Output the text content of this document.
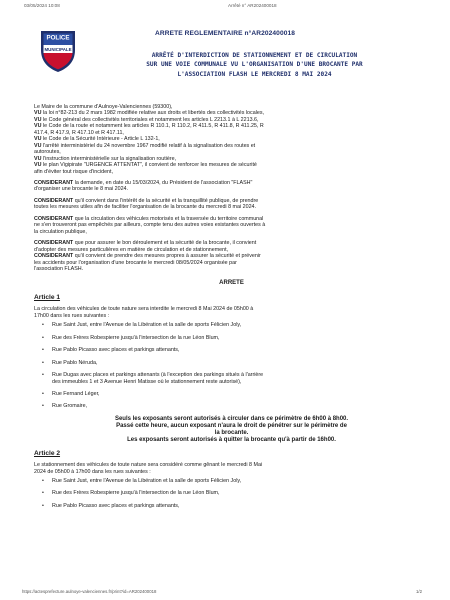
03/05/2024 10:08	Arrêté n° AR202400018
POLICE
MUNICIPALE
ARRETE REGLEMENTAIRE n°AR202400018
ARRÊTÉ D'INTERDICTION DE STATIONNEMENT ET DE CIRCULATION
SUR UNE VOIE COMMUNALE VU L'ORGANISATION D'UNE BROCANTE PAR
L'ASSOCIATION FLASH LE MERCREDI 8 MAI 2024

Le Maire de la commune d'Aulnoye-Valenciennes (59300),

VU la loi n°82-213 du 2 mars 1982 modifiée relative aux droits et libertés des collectivités locales,
VU le Code général des collectivités territoriales et notamment les articles L 2213.1 à L 2213.6,
VU le Code de la route et notamment les articles R 110.1, R 110.2, R 411.5, R 411.8, R 411.25, R
417.4, R 417.9, R 417.10 et R 417.11,
VU le Code de la Sécurité Intérieure - Article L 132-1,
VU l'arrêté interministériel du 24 novembre 1967 modifié relatif à la signalisation des routes et
autoroutes,
VU l'instruction interministérielle sur la signalisation routière,
VU le plan Vigipirate "URGENCE ATTENTAT", il convient de renforcer les mesures de sécurité
afin d'éviter tout risque d'incident,
CONSIDERANT la demande, en date du 15/03/2024, du Président de l'association "FLASH"
d'organiser une brocante le 8 mai 2024.
CONSIDERANT qu'il convient dans l'intérêt de la sécurité et la tranquillité publique, de prendre
toutes les mesures utiles afin de faciliter l'organisation de la brocante du mercredi 8 mai 2024.
CONSIDERANT que la circulation des véhicules motorisés et la traversée du territoire communal
ne s'en trouveront pas empêchés par ailleurs, compte tenu des autres voies existantes ouvertes à
la circulation publique,
CONSIDERANT que pour assurer le bon déroulement et la sécurité de la brocante, il convient
d'adopter des mesures particulières en matière de circulation et de stationnement,
CONSIDERANT qu'il convient de prendre des mesures propres à assurer la sécurité et prévenir
les accidents pour l'organisation d'une brocante le mercredi 08/05/2024 organisée par
l'association FLASH.
ARRETE
Article 1
La circulation des véhicules de toute nature sera interdite le mercredi 8 Mai 2024 de 05h00 à
17h00 dans les rues suivantes :
• Rue Saint Just, entre l'Avenue de la Libération et la salle de sports Félicien Joly,
• Rue des Frères Robespierre jusqu'à l'intersection de la rue Léon Blum,
• Rue Pablo Picasso avec places et parkings attenants,
• Rue Pablo Néruda,
• Rue Dugas avec places et parkings attenants (à l'exception des parkings situés à l'arrière
des immeubles 1 et 3 Avenue Henri Matisse où le stationnement reste autorisé),
• Rue Fernand Léger,
• Rue Gromaire,
Seuls les exposants seront autorisés à circuler dans ce périmètre de 6h00 à 8h00.
Passé cette heure, aucun exposant n'aura le droit de pénétrer sur le périmètre de
la brocante.
Les exposants seront autorisés à quitter la brocante qu'à partir de 16h00.
Article 2
Le stationnement des véhicules de toute nature sera considéré comme gênant le mercredi 8 Mai
2024 de 05h00 à 17h00 dans les rues suivantes :
• Rue Saint Just, entre l'Avenue de la Libération et la salle de sports Félicien Joly,
• Rue des Frères Robespierre jusqu'à l'intersection de la rue Léon Blum,
• Rue Pablo Picasso avec places et parkings attenants,
https://actesprefecture.aulnoye-valenciennes.fr/print?id=AR202400018	1/2
